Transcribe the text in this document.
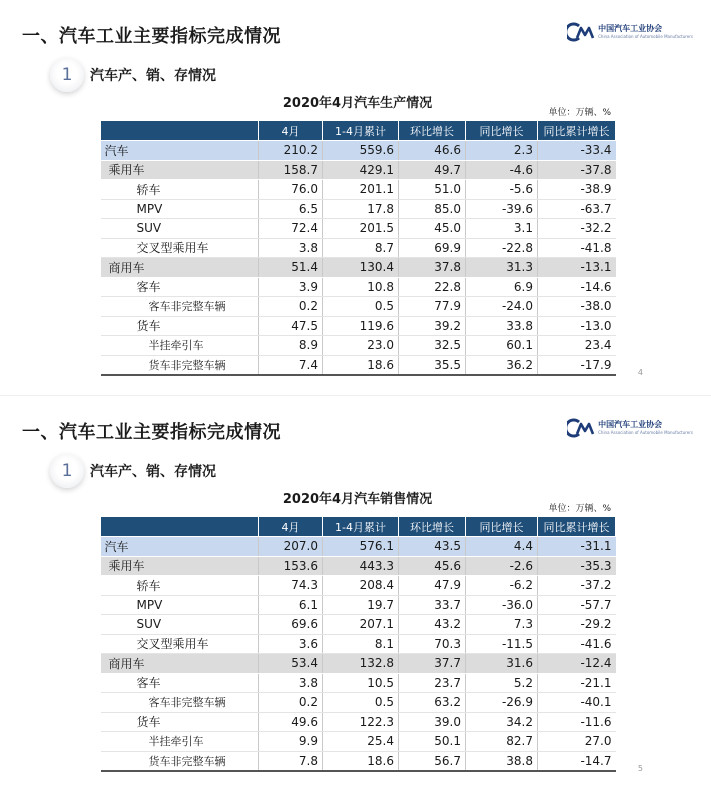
一、汽车工业主要指标完成情况	中国汽车工业协会
China Association of Automobile Manufacturers
1	汽车产、销、存情况
2020年4月汽车生产情况
单位：万辆、%
	4月	1-4月累计	环比增长	同比增长	同比累计增长
汽车	210.2	559.6	46.6	2.3	-33.4
乘用车	158.7	429.1	49.7	-4.6	-37.8
轿车	76.0	201.1	51.0	-5.6	-38.9
MPV	6.5	17.8	85.0	-39.6	-63.7
SUV	72.4	201.5	45.0	3.1	-32.2
交叉型乘用车	3.8	8.7	69.9	-22.8	-41.8
商用车	51.4	130.4	37.8	31.3	-13.1
客车	3.9	10.8	22.8	6.9	-14.6
客车非完整车辆	0.2	0.5	77.9	-24.0	-38.0
货车	47.5	119.6	39.2	33.8	-13.0
半挂牵引车	8.9	23.0	32.5	60.1	23.4
货车非完整车辆	7.4	18.6	35.5	36.2	-17.9
4
一、汽车工业主要指标完成情况	中国汽车工业协会
China Association of Automobile Manufacturers
1	汽车产、销、存情况
2020年4月汽车销售情况
单位：万辆、%
	4月	1-4月累计	环比增长	同比增长	同比累计增长
汽车	207.0	576.1	43.5	4.4	-31.1
乘用车	153.6	443.3	45.6	-2.6	-35.3
轿车	74.3	208.4	47.9	-6.2	-37.2
MPV	6.1	19.7	33.7	-36.0	-57.7
SUV	69.6	207.1	43.2	7.3	-29.2
交叉型乘用车	3.6	8.1	70.3	-11.5	-41.6
商用车	53.4	132.8	37.7	31.6	-12.4
客车	3.8	10.5	23.7	5.2	-21.1
客车非完整车辆	0.2	0.5	63.2	-26.9	-40.1
货车	49.6	122.3	39.0	34.2	-11.6
半挂牵引车	9.9	25.4	50.1	82.7	27.0
货车非完整车辆	7.8	18.6	56.7	38.8	-14.7
5
